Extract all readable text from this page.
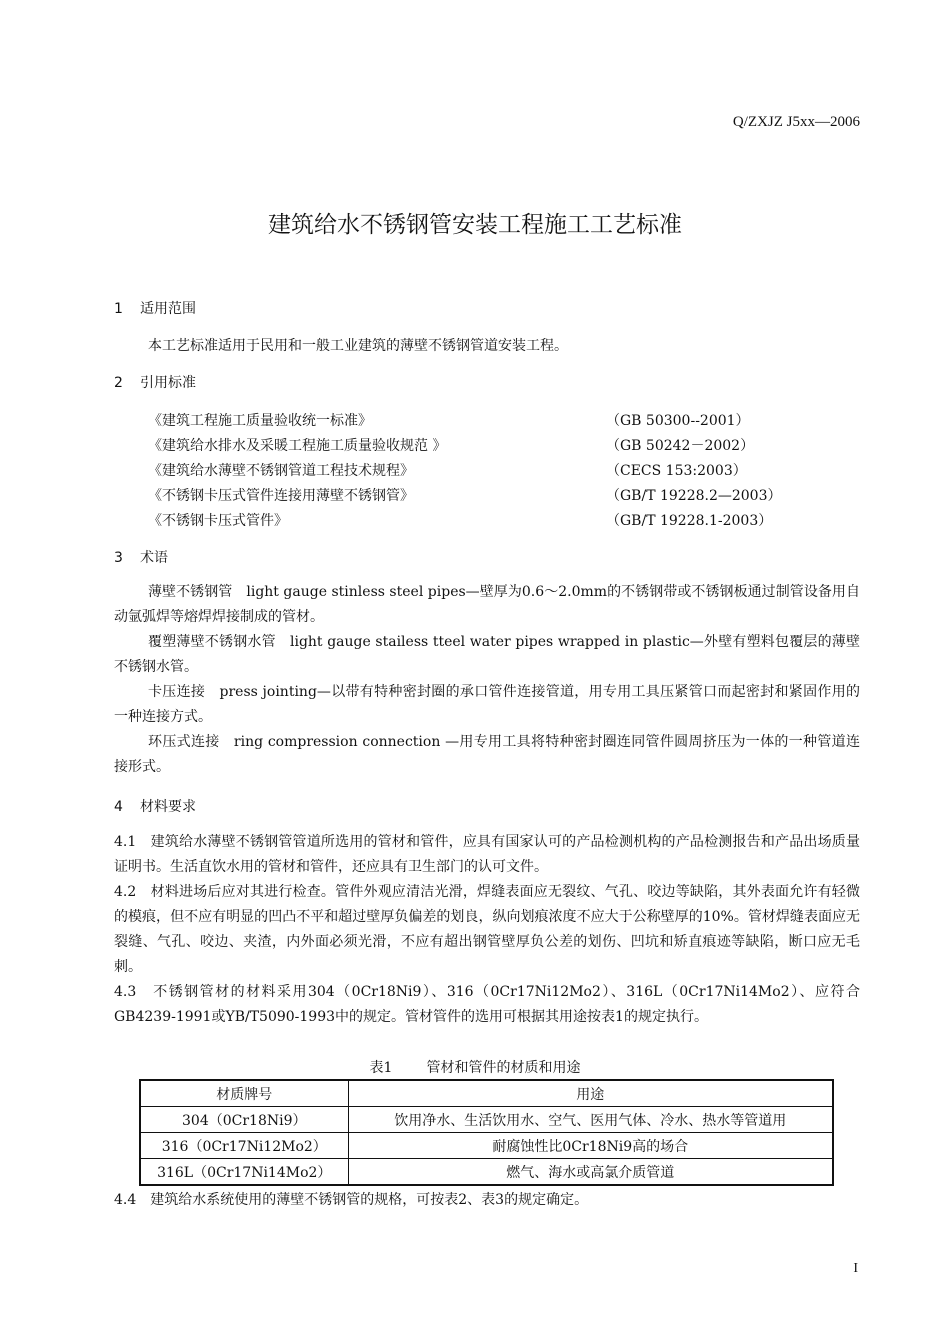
Q/ZXJZ J5xx—2006
建筑给水不锈钢管安装工程施工工艺标准
1 适用范围
本工艺标准适用于民用和一般工业建筑的薄壁不锈钢管道安装工程。
2 引用标准
《建筑工程施工质量验收统一标准》	（GB 50300--2001）
《建筑给水排水及采暖工程施工质量验收规范 》	（GB 50242－2002）
《建筑给水薄壁不锈钢管道工程技术规程》	（CECS 153:2003）
《不锈钢卡压式管件连接用薄壁不锈钢管》	（GB/T 19228.2—2003）
《不锈钢卡压式管件》	（GB/T 19228.1-2003）
3 术语
薄壁不锈钢管　light gauge stinless steel pipes—壁厚为0.6～2.0mm的不锈钢带或不锈钢板通过制管设备用自动氩弧焊等熔焊焊接制成的管材。
覆塑薄壁不锈钢水管　light gauge stailess tteel water pipes wrapped in plastic—外壁有塑料包覆层的薄壁不锈钢水管。
卡压连接　press jointing—以带有特种密封圈的承口管件连接管道，用专用工具压紧管口而起密封和紧固作用的一种连接方式。
环压式连接　ring compression connection —用专用工具将特种密封圈连同管件圆周挤压为一体的一种管道连接形式。
4 材料要求
4.1　建筑给水薄壁不锈钢管管道所选用的管材和管件，应具有国家认可的产品检测机构的产品检测报告和产品出场质量证明书。生活直饮水用的管材和管件，还应具有卫生部门的认可文件。
4.2　材料进场后应对其进行检查。管件外观应清洁光滑，焊缝表面应无裂纹、气孔、咬边等缺陷，其外表面允许有轻微的模痕，但不应有明显的凹凸不平和超过壁厚负偏差的划良，纵向划痕浓度不应大于公称壁厚的10%。管材焊缝表面应无裂缝、气孔、咬边、夹渣，内外面必须光滑，不应有超出钢管壁厚负公差的划伤、凹坑和矫直痕迹等缺陷，断口应无毛刺。
4.3　不锈钢管材的材料采用304（0Cr18Ni9）、316（0Cr17Ni12Mo2）、316L（0Cr17Ni14Mo2）、应符合GB4239-1991或YB/T5090-1993中的规定。管材管件的选用可根据其用途按表1的规定执行。
表1 管材和管件的材质和用途
材质牌号	用途
304（0Cr18Ni9）	饮用净水、生活饮用水、空气、医用气体、冷水、热水等管道用
316（0Cr17Ni12Mo2）	耐腐蚀性比0Cr18Ni9高的场合
316L（0Cr17Ni14Mo2）	燃气、海水或高氯介质管道
4.4　建筑给水系统使用的薄壁不锈钢管的规格，可按表2、表3的规定确定。
I
